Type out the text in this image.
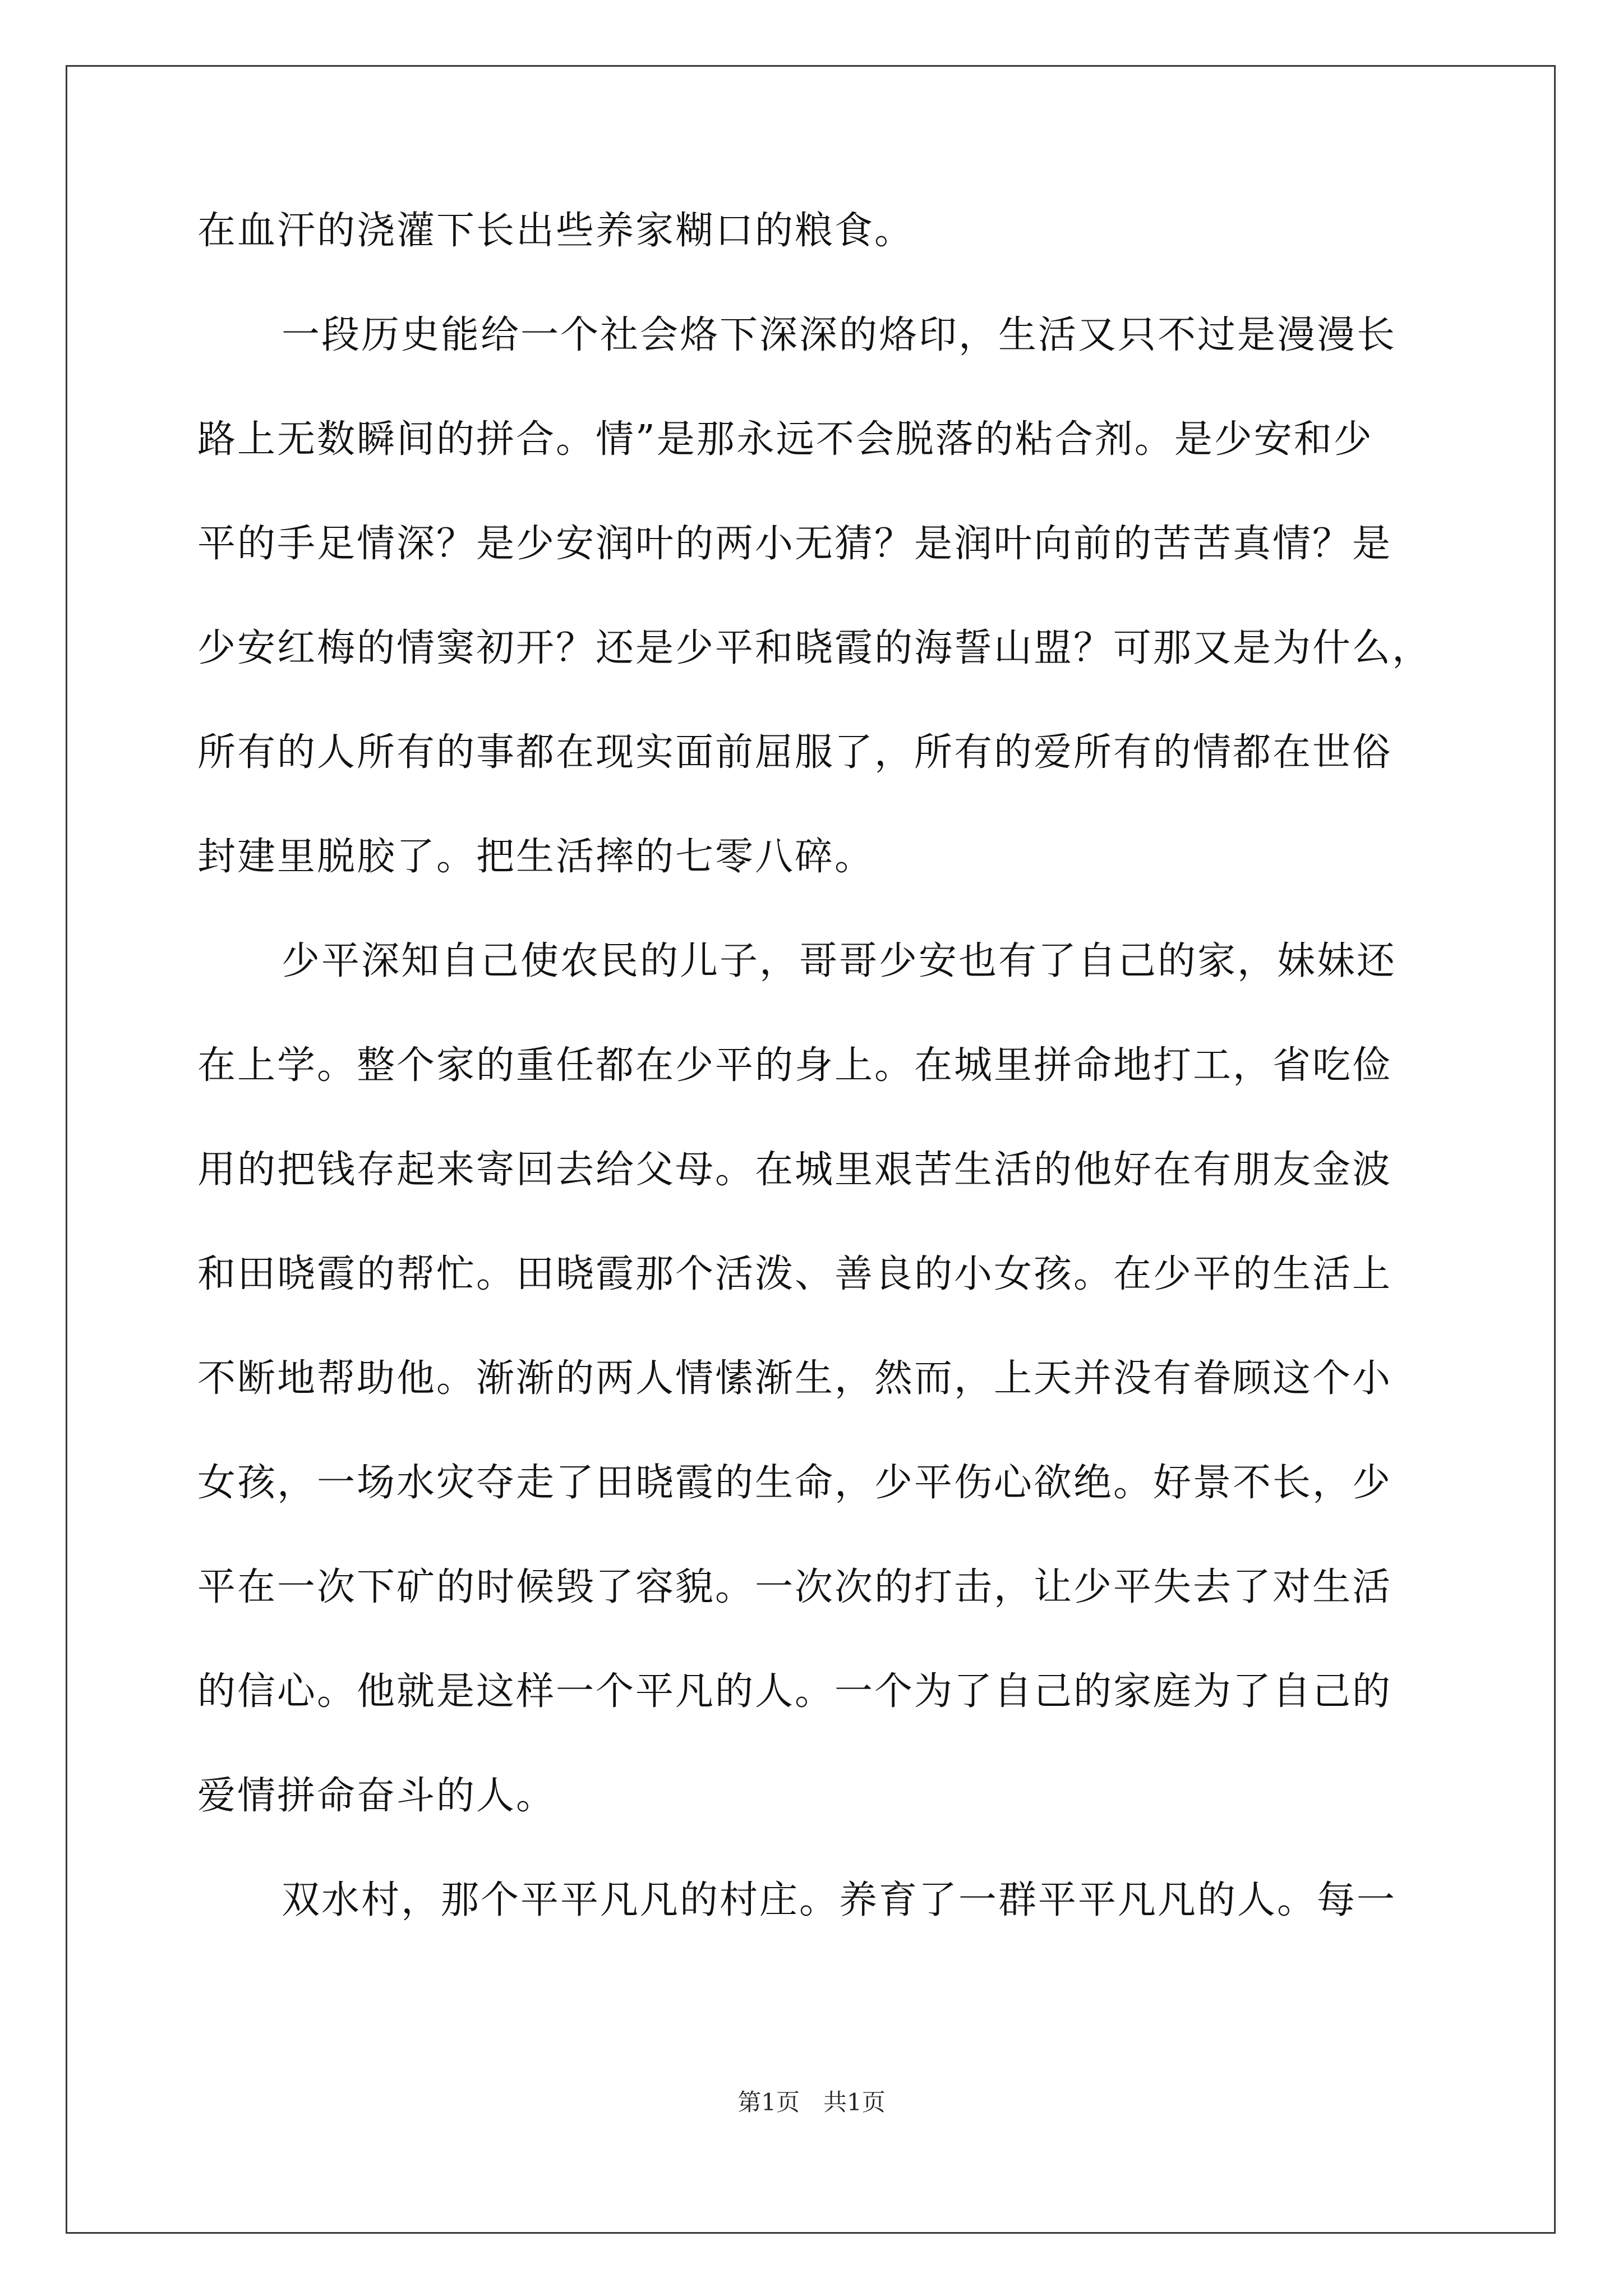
在血汗的浇灌下长出些养家糊口的粮食。
一段历史能给一个社会烙下深深的烙印，生活又只不过是漫漫长
路上无数瞬间的拼合。情”是那永远不会脱落的粘合剂。是少安和少
平的手足情深？是少安润叶的两小无猜？是润叶向前的苦苦真情？是
少安红梅的情窦初开？还是少平和晓霞的海誓山盟？可那又是为什么，
所有的人所有的事都在现实面前屈服了，所有的爱所有的情都在世俗
封建里脱胶了。把生活摔的七零八碎。
少平深知自己使农民的儿子，哥哥少安也有了自己的家，妹妹还
在上学。整个家的重任都在少平的身上。在城里拼命地打工，省吃俭
用的把钱存起来寄回去给父母。在城里艰苦生活的他好在有朋友金波
和田晓霞的帮忙。田晓霞那个活泼、善良的小女孩。在少平的生活上
不断地帮助他。渐渐的两人情愫渐生，然而，上天并没有眷顾这个小
女孩，一场水灾夺走了田晓霞的生命，少平伤心欲绝。好景不长，少
平在一次下矿的时候毁了容貌。一次次的打击，让少平失去了对生活
的信心。他就是这样一个平凡的人。一个为了自己的家庭为了自己的
爱情拼命奋斗的人。
双水村，那个平平凡凡的村庄。养育了一群平平凡凡的人。每一
第1页 共1页
